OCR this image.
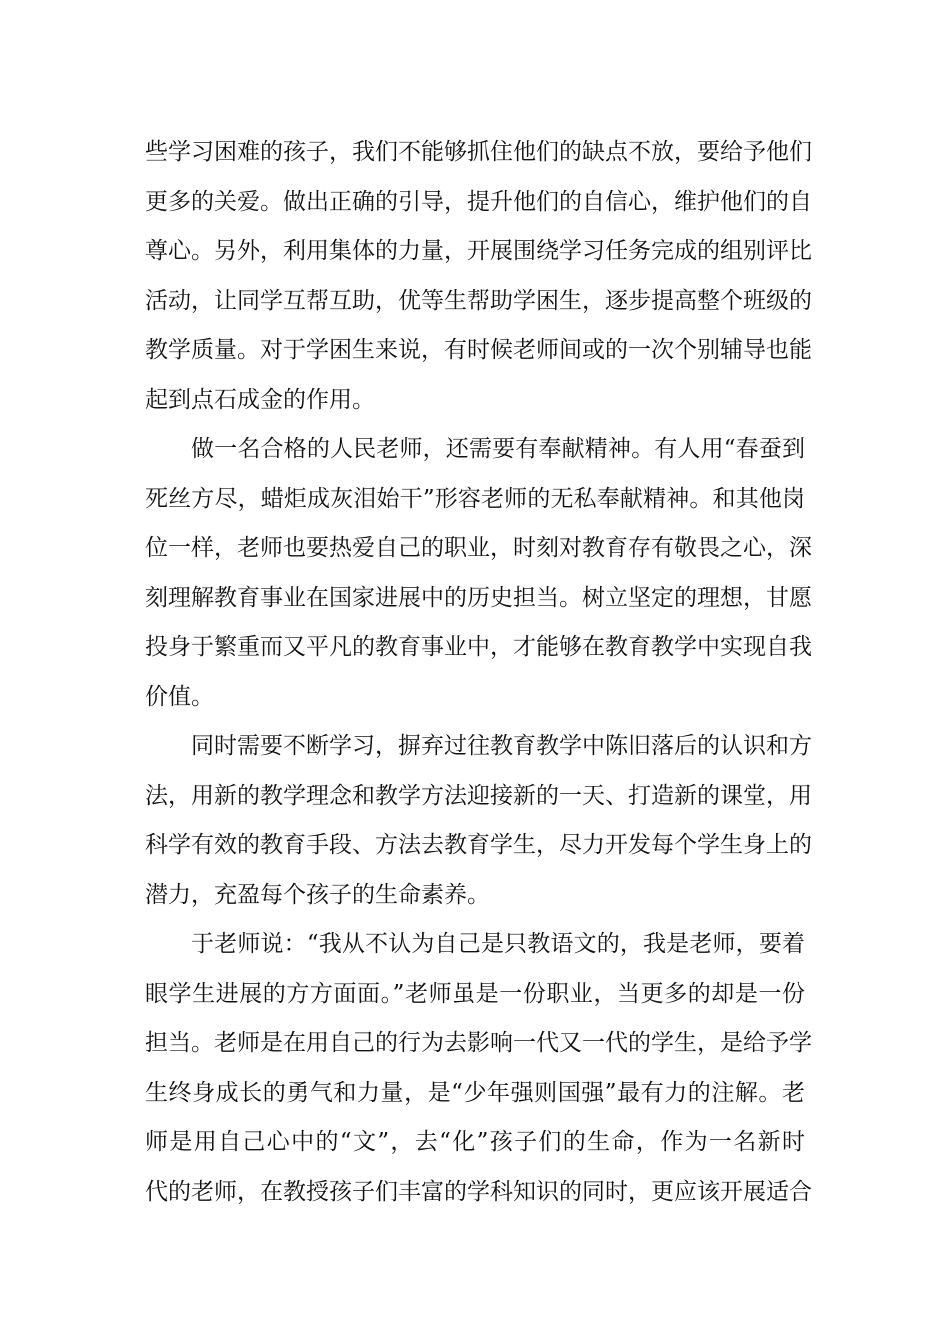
些学习困难的孩子，我们不能够抓住他们的缺点不放，要给予他们
更多的关爱。做出正确的引导，提升他们的自信心，维护他们的自
尊心。另外，利用集体的力量，开展围绕学习任务完成的组别评比
活动，让同学互帮互助，优等生帮助学困生，逐步提高整个班级的
教学质量。对于学困生来说，有时候老师间或的一次个别辅导也能
起到点石成金的作用。
做一名合格的人民老师，还需要有奉献精神。有人用“春蚕到
死丝方尽，蜡炬成灰泪始干”形容老师的无私奉献精神。和其他岗
位一样，老师也要热爱自己的职业，时刻对教育存有敬畏之心，深
刻理解教育事业在国家进展中的历史担当。树立坚定的理想，甘愿
投身于繁重而又平凡的教育事业中，才能够在教育教学中实现自我
价值。
同时需要不断学习，摒弃过往教育教学中陈旧落后的认识和方
法，用新的教学理念和教学方法迎接新的一天、打造新的课堂，用
科学有效的教育手段、方法去教育学生，尽力开发每个学生身上的
潜力，充盈每个孩子的生命素养。
于老师说：“我从不认为自己是只教语文的，我是老师，要着
眼学生进展的方方面面。”老师虽是一份职业，当更多的却是一份
担当。老师是在用自己的行为去影响一代又一代的学生，是给予学
生终身成长的勇气和力量，是“少年强则国强”最有力的注解。老
师是用自己心中的“文”，去“化”孩子们的生命，作为一名新时
代的老师，在教授孩子们丰富的学科知识的同时，更应该开展适合
